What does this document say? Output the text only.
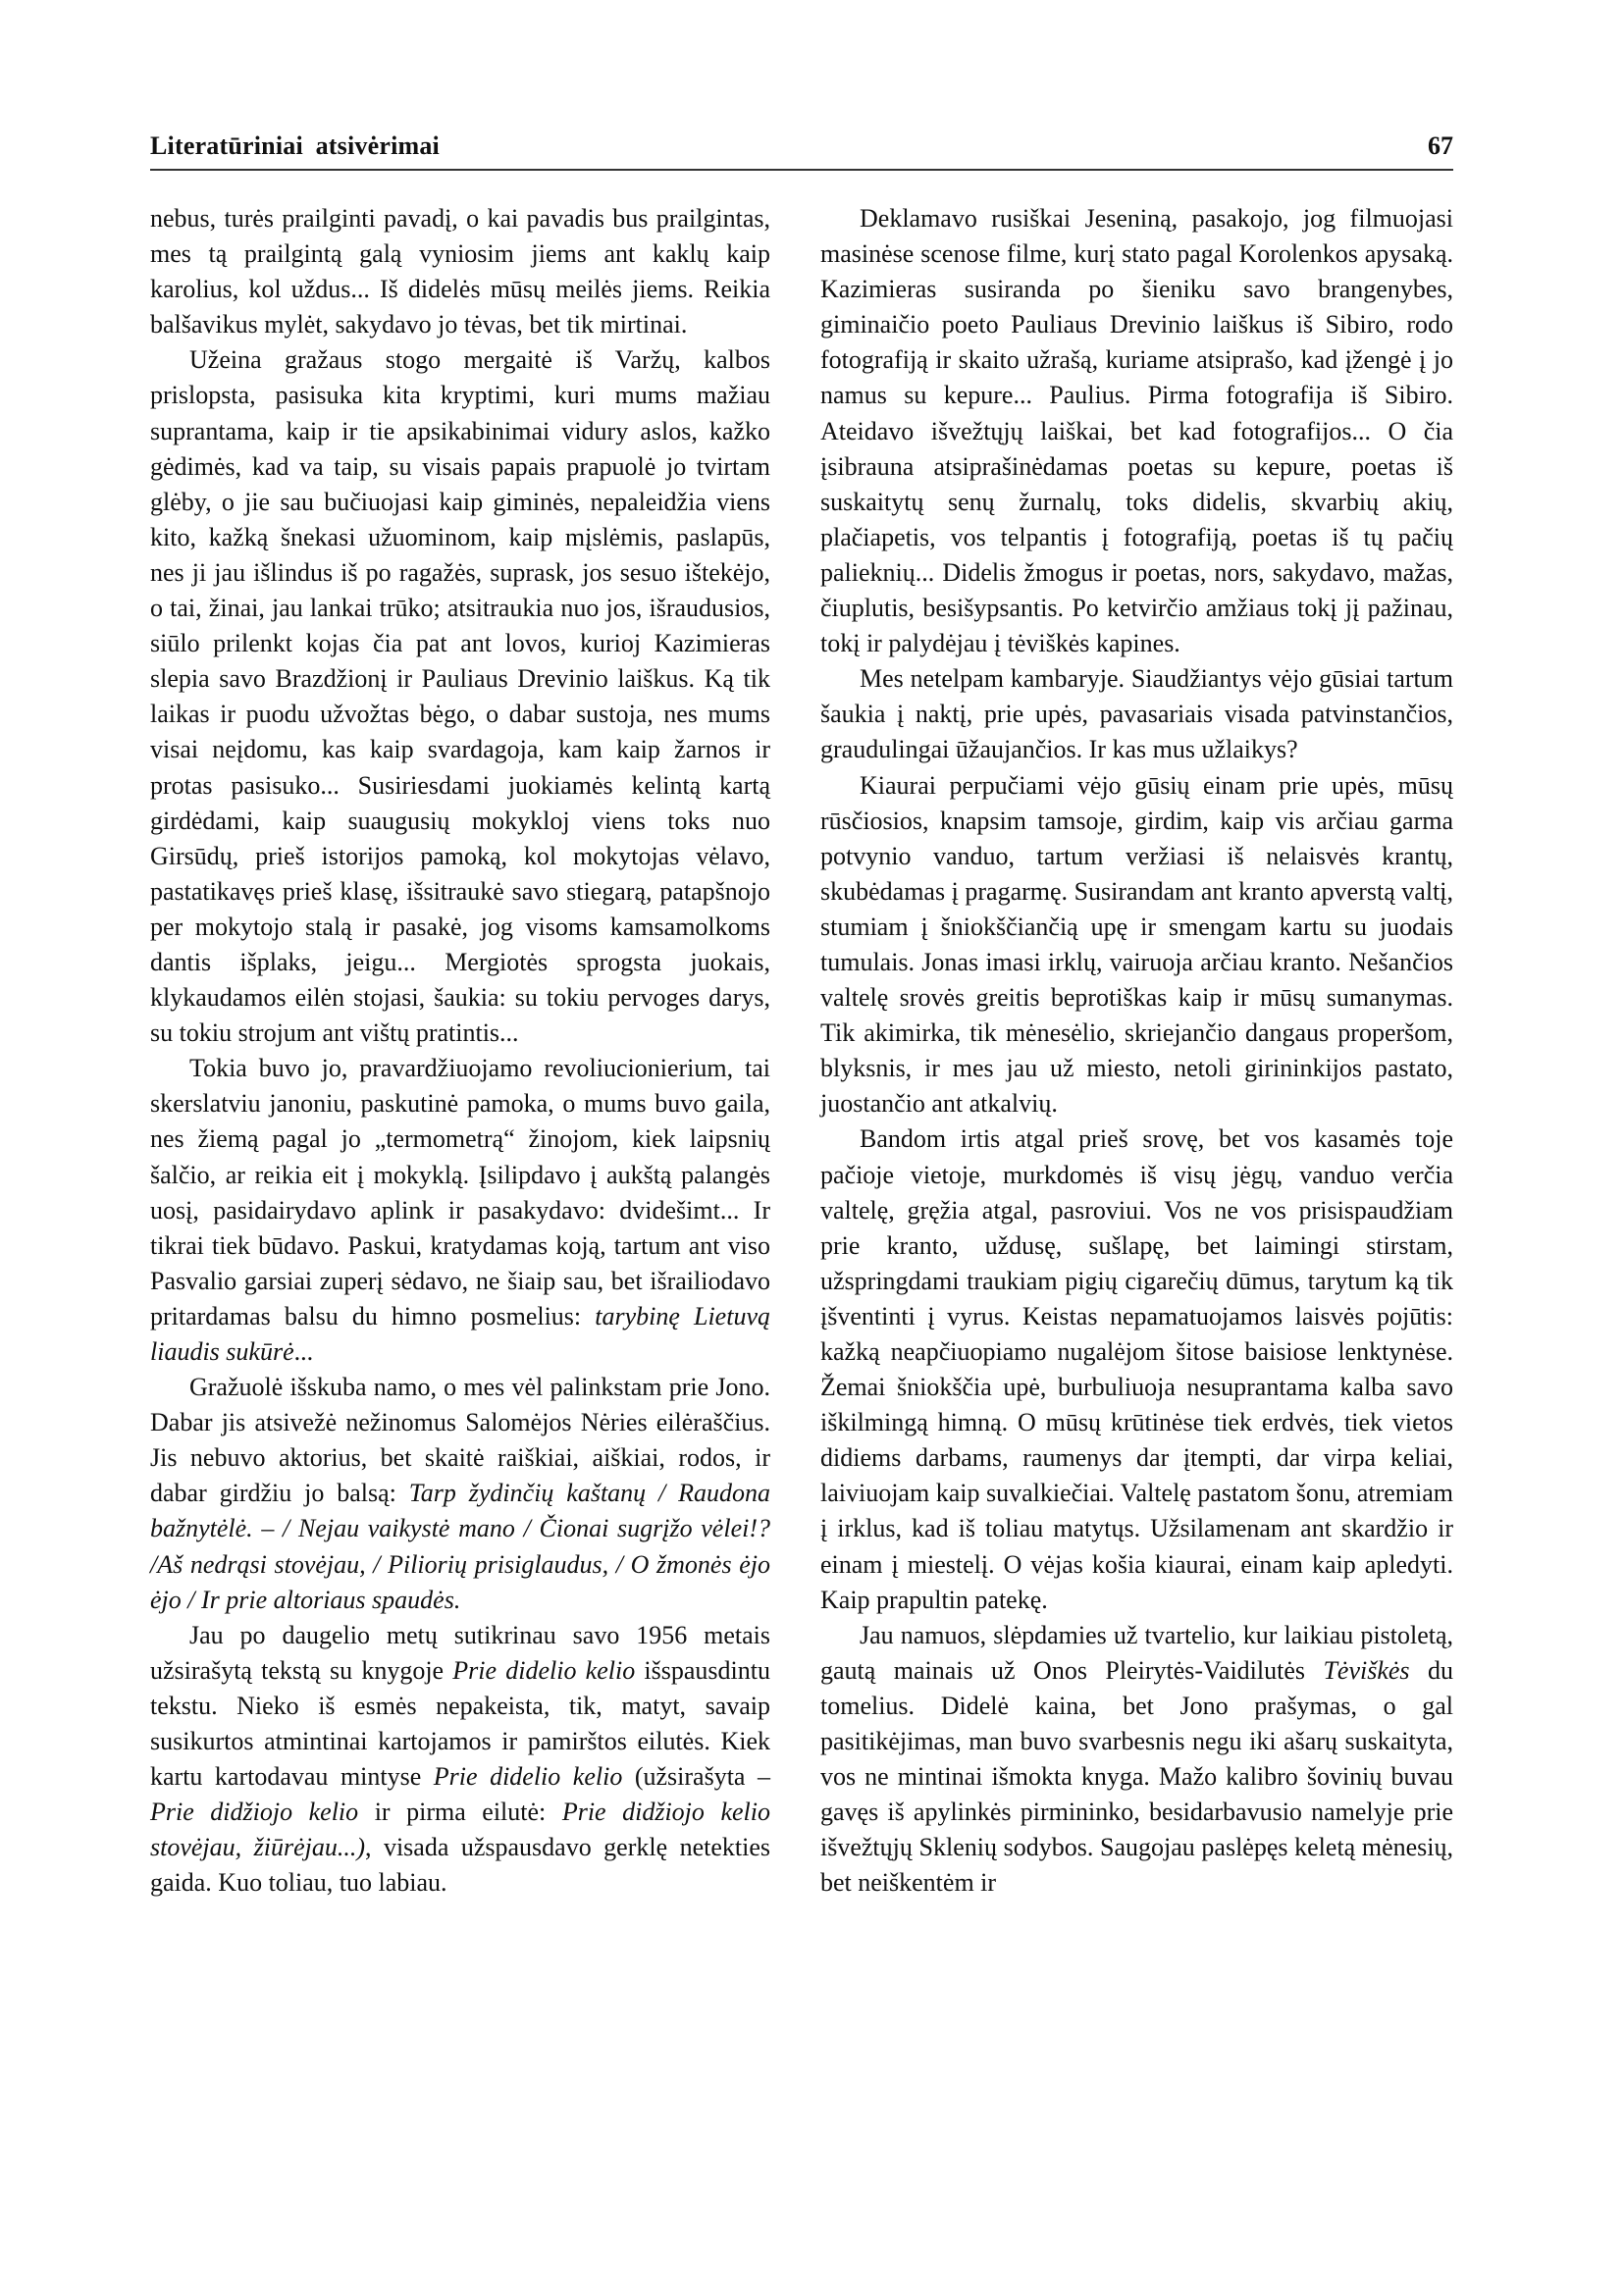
Literatūriniai atsivėrimai	67

nebus, turės prailginti pavadį, o kai pavadis bus prailgintas, mes tą prailgintą galą vyniosim jiems ant kaklų kaip karolius, kol uždus... Iš didelės mūsų meilės jiems. Reikia balšavikus mylėt, sakydavo jo tėvas, bet tik mirtinai.

Užeina gražaus stogo mergaitė iš Varžų, kalbos prislopsta, pasisuka kita kryptimi, kuri mums mažiau suprantama, kaip ir tie apsikabinimai vidury aslos, kažko gėdimės, kad va taip, su visais papais prapuolė jo tvirtam glėby, o jie sau bučiuojasi kaip giminės, nepaleidžia viens kito, kažką šnekasi užuominom, kaip mįslėmis, paslapūs, nes ji jau išlindus iš po ragažės, suprask, jos sesuo ištekėjo, o tai, žinai, jau lankai trūko; atsitraukia nuo jos, išraudusios, siūlo prilenkt kojas čia pat ant lovos, kurioj Kazimieras slepia savo Brazdžionį ir Pauliaus Drevinio laiškus. Ką tik laikas ir puodu užvožtas bėgo, o dabar sustoja, nes mums visai neįdomu, kas kaip svardagoja, kam kaip žarnos ir protas pasisuko... Susiriesdami juokiamės kelintą kartą girdėdami, kaip suaugusių mokykloj viens toks nuo Girsūdų, prieš istorijos pamoką, kol mokytojas vėlavo, pastatikavęs prieš klasę, išsitraukė savo stiegarą, patapšnojo per mokytojo stalą ir pasakė, jog visoms kamsamolkoms dantis išplaks, jeigu... Mergiotės sprogsta juokais, klykaudamos eilėn stojasi, šaukia: su tokiu pervoges darys, su tokiu strojum ant vištų pratintis...

Tokia buvo jo, pravardžiuojamo revoliucionierium, tai skerslatviu janoniu, paskutinė pamoka, o mums buvo gaila, nes žiemą pagal jo „termometrą“ žinojom, kiek laipsnių šalčio, ar reikia eit į mokyklą. Įsilipdavo į aukštą palangės uosį, pasidairydavo aplink ir pasakydavo: dvidešimt... Ir tikrai tiek būdavo. Paskui, kratydamas koją, tartum ant viso Pasvalio garsiai zuperį sėdavo, ne šiaip sau, bet išrailiodavo pritardamas balsu du himno posmelius: tarybinę Lietuvą liaudis sukūrė...

Gražuolė išskuba namo, o mes vėl palinkstam prie Jono. Dabar jis atsivežė nežinomus Salomėjos Nėries eilėraščius. Jis nebuvo aktorius, bet skaitė raiškiai, aiškiai, rodos, ir dabar girdžiu jo balsą: Tarp žydinčių kaštanų / Raudona bažnytėlė. – / Nejau vaikystė mano / Čionai sugrįžo vėlei!? /Aš nedrąsi stovėjau, / Piliorių prisiglaudus, / O žmonės ėjo ėjo / Ir prie altoriaus spaudės.

Jau po daugelio metų sutikrinau savo 1956 metais užsirašytą tekstą su knygoje Prie didelio kelio išspausdintu tekstu. Nieko iš esmės nepakeista, tik, matyt, savaip susikurtos atmintinai kartojamos ir pamirštos eilutės. Kiek kartu kartodavau mintyse Prie didelio kelio (užsirašyta – Prie didžiojo kelio ir pirma eilutė: Prie didžiojo kelio stovėjau, žiūrėjau...), visada užspausdavo gerklę netekties gaida. Kuo toliau, tuo labiau.

Deklamavo rusiškai Jeseniną, pasakojo, jog filmuojasi masinėse scenose filme, kurį stato pagal Korolenkos apysaką. Kazimieras susiranda po šieniku savo brangenybes, giminaičio poeto Pauliaus Drevinio laiškus iš Sibiro, rodo fotografiją ir skaito užrašą, kuriame atsiprašo, kad įžengė į jo namus su kepure... Paulius. Pirma fotografija iš Sibiro. Ateidavo išvežtųjų laiškai, bet kad fotografijos... O čia įsibrauna atsiprašinėdamas poetas su kepure, poetas iš suskaitytų senų žurnalų, toks didelis, skvarbių akių, plačiapetis, vos telpantis į fotografiją, poetas iš tų pačių palieknių... Didelis žmogus ir poetas, nors, sakydavo, mažas, čiuplutis, besišypsantis. Po ketvirčio amžiaus tokį jį pažinau, tokį ir palydėjau į tėviškės kapines.

Mes netelpam kambaryje. Siaudžiantys vėjo gūsiai tartum šaukia į naktį, prie upės, pavasariais visada patvinstančios, graudulingai ūžaujančios. Ir kas mus užlaikys?

Kiaurai perpučiami vėjo gūsių einam prie upės, mūsų rūsčiosios, knapsim tamsoje, girdim, kaip vis arčiau garma potvynio vanduo, tartum veržiasi iš nelaisvės krantų, skubėdamas į pragarmę. Susirandam ant kranto apverstą valtį, stumiam į šniokščiančią upę ir smengam kartu su juodais tumulais. Jonas imasi irklų, vairuoja arčiau kranto. Nešančios valtelę srovės greitis beprotiškas kaip ir mūsų sumanymas. Tik akimirka, tik mėnesėlio, skriejančio dangaus properšom, blyksnis, ir mes jau už miesto, netoli girininkijos pastato, juostančio ant atkalvių.

Bandom irtis atgal prieš srovę, bet vos kasamės toje pačioje vietoje, murkdomės iš visų jėgų, vanduo verčia valtelę, gręžia atgal, pasroviui. Vos ne vos prisispaudžiam prie kranto, uždusę, sušlapę, bet laimingi stirstam, užspringdami traukiam pigių cigarečių dūmus, tarytum ką tik įšventinti į vyrus. Keistas nepamatuojamos laisvės pojūtis: kažką neapčiuopiamo nugalėjom šitose baisiose lenktynėse. Žemai šniokščia upė, burbuliuoja nesuprantama kalba savo iškilmingą himną. O mūsų krūtinėse tiek erdvės, tiek vietos didiems darbams, raumenys dar įtempti, dar virpa keliai, laiviuojam kaip suvalkiečiai. Valtelę pastatom šonu, atremiam į irklus, kad iš toliau matytųs. Užsilamenam ant skardžio ir einam į miestelį. O vėjas košia kiaurai, einam kaip apledyti. Kaip prapultin patekę.

Jau namuos, slėpdamies už tvartelio, kur laikiau pistoletą, gautą mainais už Onos Pleirytės-Vaidilutės Tėviškės du tomelius. Didelė kaina, bet Jono prašymas, o gal pasitikėjimas, man buvo svarbesnis negu iki ašarų suskaityta, vos ne mintinai išmokta knyga. Mažo kalibro šovinių buvau gavęs iš apylinkės pirmininko, besidarbavusio namelyje prie išvežtųjų Sklenių sodybos. Saugojau paslėpęs keletą mėnesių, bet neiškentėm ir
